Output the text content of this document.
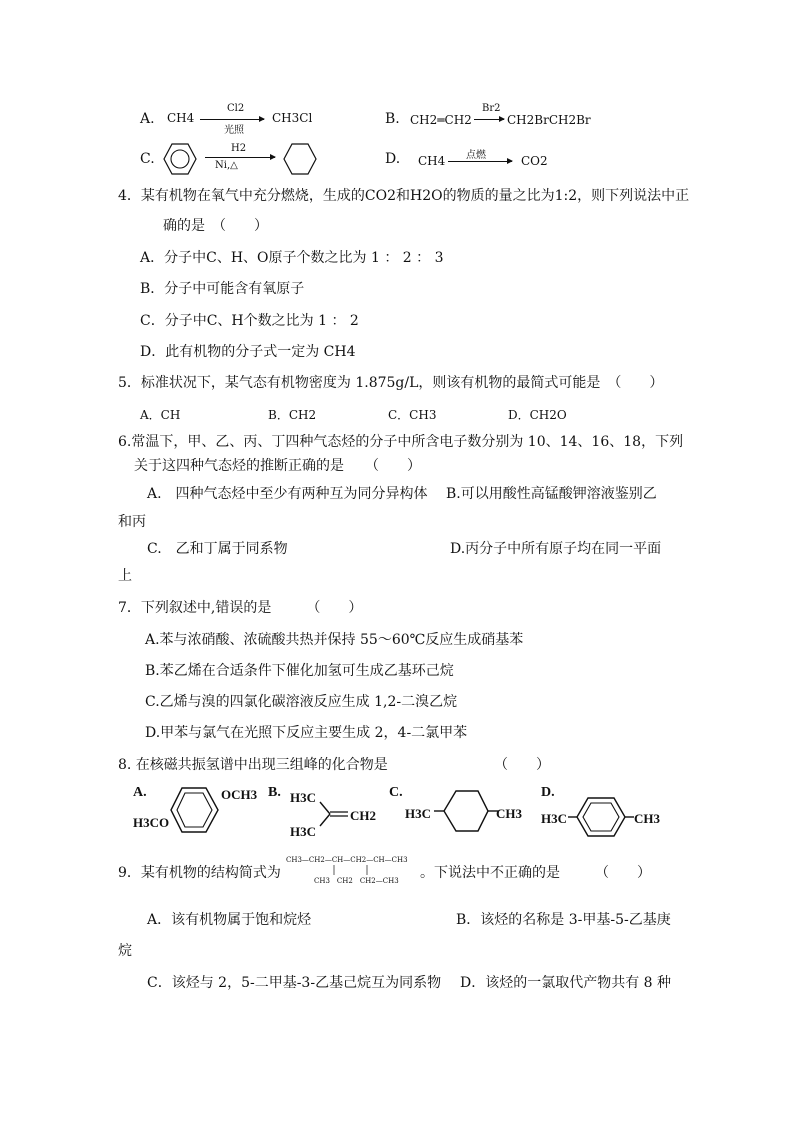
A. CH4
Cl2
光照
CH3Cl	B. CH2═CH2
Br2
→ CH2BrCH2Br
C.
H2
Ni,△	D. CH4 点燃 → CO2
4．某有机物在氧气中充分燃烧，生成的CO2和H2O的物质的量之比为1:2，则下列说法中正
确的是　（　　）
A．分子中C、H、O原子个数之比为 1 ： 2 ： 3
B．分子中可能含有氧原子
C．分子中C、H个数之比为 1 ： 2
D．此有机物的分子式一定为 CH4
5．标准状况下，某气态有机物密度为 1.875g/L，则该有机物的最简式可能是　（　　）
A．CH	B．CH2	C．CH3	D．CH2O
6.常温下，甲、乙、丙、丁四种气态烃的分子中所含电子数分别为 10、14、16、18，下列
关于这四种气态烃的推断正确的是　　（　　）
A.　四种气态烃中至少有两种互为同分异构体 B.可以用酸性高锰酸钾溶液鉴别乙
和丙
C.　乙和丁属于同系物	D.丙分子中所有原子均在同一平面
上
7．下列叙述中,错误的是　　　（　　）
A.苯与浓硝酸、浓硫酸共热并保持 55～60℃反应生成硝基苯
B.苯乙烯在合适条件下催化加氢可生成乙基环己烷
C.乙烯与溴的四氯化碳溶液反应生成 1,2-二溴乙烷
D.甲苯与氯气在光照下反应主要生成 2，4-二氯甲苯
8. 在核磁共振氢谱中出现三组峰的化合物是	（　　）
A.	OCH3
H3CO
B. H3C
H3C
CH2
C.
H3C	CH3
D.
H3C	CH3
9．某有机物的结构简式为
CH3—CH2—CH—CH2—CH—CH3
CH3　CH2　CH2—CH3 。下说法中不正确的是　　　（　　）
A．该有机物属于饱和烷烃	B．该烃的名称是 3-甲基-5-乙基庚
烷
C．该烃与 2，5-二甲基-3-乙基己烷互为同系物 D．该烃的一氯取代产物共有 8 种
